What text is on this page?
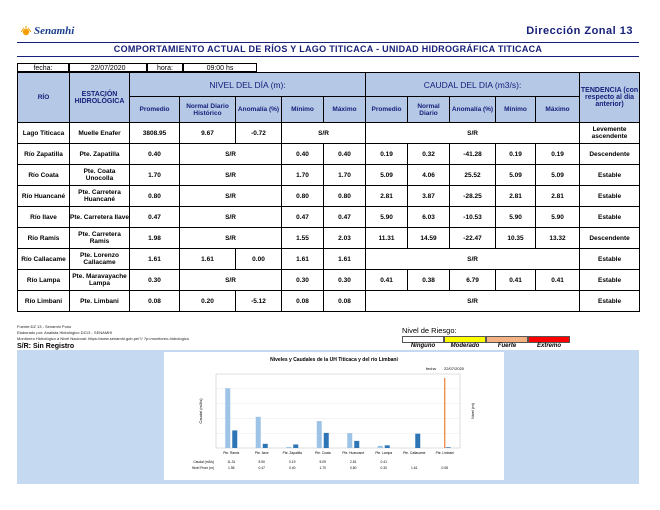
Senamhi	Dirección Zonal 13
COMPORTAMIENTO ACTUAL DE RÍOS Y LAGO TITICACA - UNIDAD HIDROGRÁFICA TITICACA
fecha:	22/07/2020	hora:	09:00 hs
RÍO	ESTACIÓN HIDROLÓGICA	NIVEL DEL DÍA (m):					CAUDAL DEL DIA (m3/s):					TENDENCIA (con respecto al día anterior)
		Promedio	Normal Diario Histórico	Anomalía (%)	Mínimo	Máximo	Promedio	Normal Diario	Anomalía (%)	Mínimo	Máximo	
Lago Titicaca	Muelle Enafer	3808.95	9.67	-0.72	S/R		S/R					Levemente ascendente
Río Zapatilla	Pte. Zapatilla	0.40	S/R		0.40	0.40	0.19	0.32	-41.28	0.19	0.19	Descendente
Río Coata	Pte. Coata Unocolla	1.70	S/R		1.70	1.70	5.09	4.06	25.52	5.09	5.09	Estable
Río Huancané	Pte. Carretera Huancané	0.80	S/R		0.80	0.80	2.81	3.87	-28.25	2.81	2.81	Estable
Río Ilave	Pte. Carretera Ilave	0.47	S/R		0.47	0.47	5.90	6.03	-10.53	5.90	5.90	Estable
Río Ramis	Pte. Carretera Ramis	1.98	S/R		1.55	2.03	11.31	14.59	-22.47	10.35	13.32	Descendente
Río Callacame	Pte. Lorenzo Callacame	1.61	1.61	0.00	1.61	1.61	S/R					Estable
Río Lampa	Pte. Maravayache Lampa	0.30	S/R		0.30	0.30	0.41	0.38	6.79	0.41	0.41	Estable
Río Limbani	Pte. Limbani	0.08	0.20	-5.12	0.08	0.08	S/R					Estable
Fuente:DZ 13 - Senamhi Puno
Elaborado por: Analista Hidrológico DZ13 - SENAMHI
Monitoreo Hidrológico a Nivel Nacional: https://www.senamhi.gob.pe/?/ ?p=monitoreo-hidrologico
S/R: Sin Registro
Nivel de Riesgo:
Ninguno	Moderado	Fuerte	Extremo
Niveles y Caudales de la UH Titicaca y del río Limbani
fecha 22/07/2020
Caudal (m3/s)	Nivel (m)
Pte. Ramis	Pte. Ilave	Pte. Zapatilla	Pte. Coata	Pte. Huancané	Pte. Lampa	Pte. Callacame	Pte. Limbani
Caudal (m3/s)	11.31	5.90	0.19	5.09	2.81	0.41
Nivel Prom (m)	1.98	0.47	0.40	1.70	0.80	0.30	1.61	0.08
